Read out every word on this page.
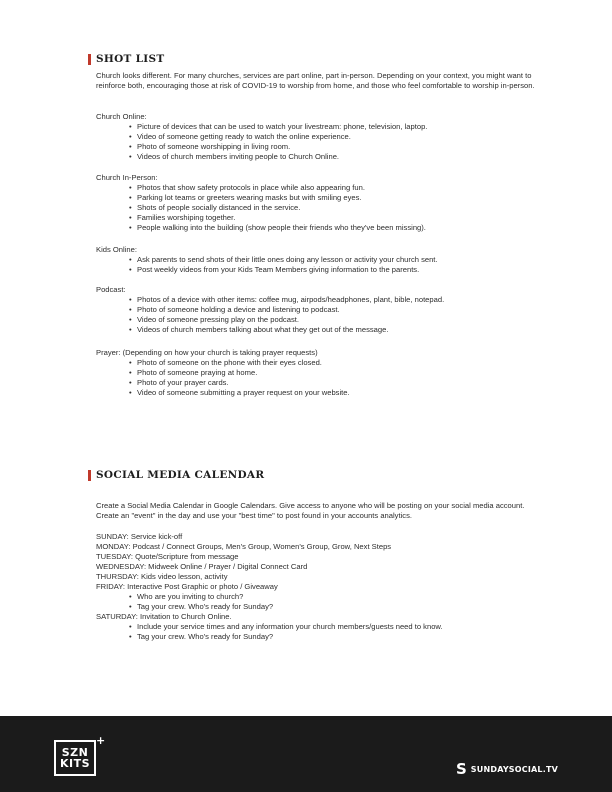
SHOT LIST
Church looks different. For many churches, services are part online, part in-person. Depending on your context, you might want to reinforce both, encouraging those at risk of COVID-19 to worship from home, and those who feel comfortable to worship in-person.
Church Online:
• Picture of devices that can be used to watch your livestream: phone, television, laptop.
• Video of someone getting ready to watch the online experience.
• Photo of someone worshipping in living room.
• Videos of church members inviting people to Church Online.
Church In-Person:
• Photos that show safety protocols in place while also appearing fun.
• Parking lot teams or greeters wearing masks but with smiling eyes.
• Shots of people socially distanced in the service.
• Families worshiping together.
• People walking into the building (show people their friends who they've been missing).
Kids Online:
• Ask parents to send shots of their little ones doing any lesson or activity your church sent.
• Post weekly videos from your Kids Team Members giving information to the parents.
Podcast:
• Photos of a device with other items: coffee mug, airpods/headphones, plant, bible, notepad.
• Photo of someone holding a device and listening to podcast.
• Video of someone pressing play on the podcast.
• Videos of church members talking about what they get out of the message.
Prayer: (Depending on how your church is taking prayer requests)
• Photo of someone on the phone with their eyes closed.
• Photo of someone praying at home.
• Photo of your prayer cards.
• Video of someone submitting a prayer request on your website.
SOCIAL MEDIA CALENDAR
Create a Social Media Calendar in Google Calendars. Give access to anyone who will be posting on your social media account. Create an "event" in the day and use your "best time" to post found in your accounts analytics.
SUNDAY: Service kick-off
MONDAY: Podcast / Connect Groups, Men's Group, Women's Group, Grow, Next Steps
TUESDAY: Quote/Scripture from message
WEDNESDAY: Midweek Online / Prayer / Digital Connect Card
THURSDAY: Kids video lesson, activity
FRIDAY: Interactive Post Graphic or photo / Giveaway
• Who are you inviting to church?
• Tag your crew. Who's ready for Sunday?
SATURDAY: Invitation to Church Online.
• Include your service times and any information your church members/guests need to know.
• Tag your crew. Who's ready for Sunday?
SZN
KITS
+
S SUNDAYSOCIAL.TV
